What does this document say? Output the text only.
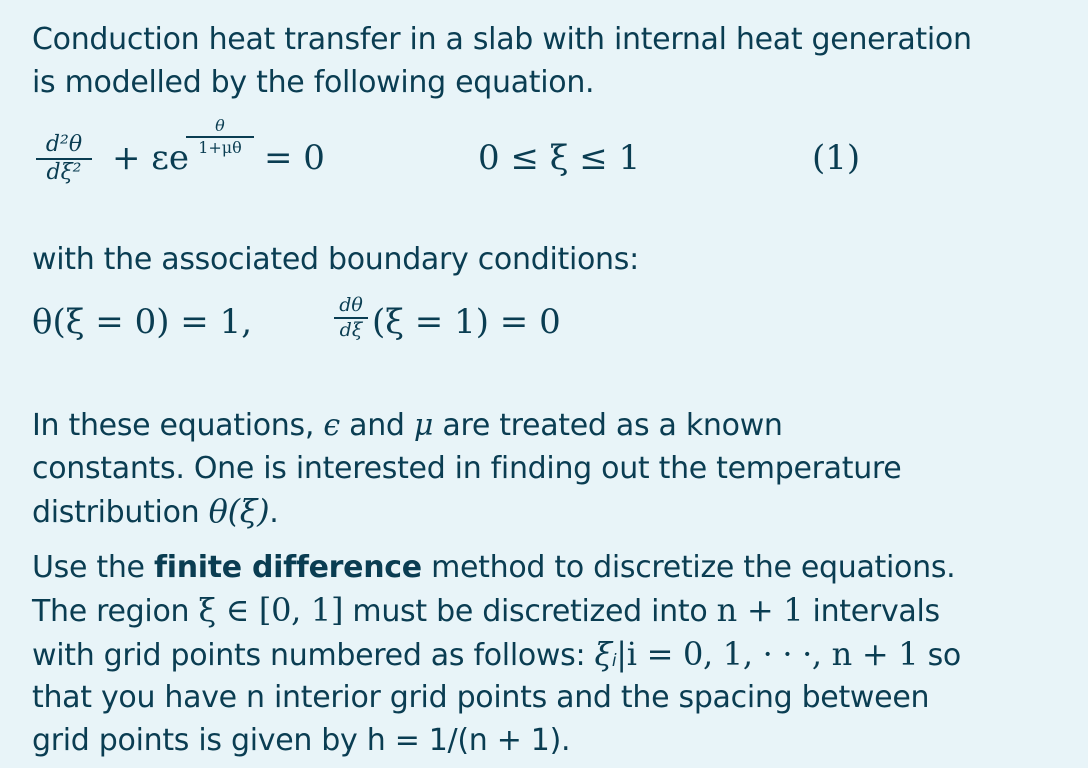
Conduction heat transfer in a slab with internal heat generation
is modelled by the following equation.
d²θ
dξ² + εe
θ
1+μθ = 0	0 ≤ ξ ≤ 1	(1)
with the associated boundary conditions:
θ(ξ = 0) = 1,	dθ
dξ (ξ = 1) = 0
In these equations, ϵ and μ are treated as a known
constants. One is interested in finding out the temperature
distribution θ(ξ).
Use the finite difference method to discretize the equations.
The region ξ ∈ [0, 1] must be discretized into n + 1 intervals
with grid points numbered as follows: $\xi_i|i = 0$, 1, · · ·, n + 1 so
that you have n interior grid points and the spacing between
grid points is given by h = 1/(n + 1).
